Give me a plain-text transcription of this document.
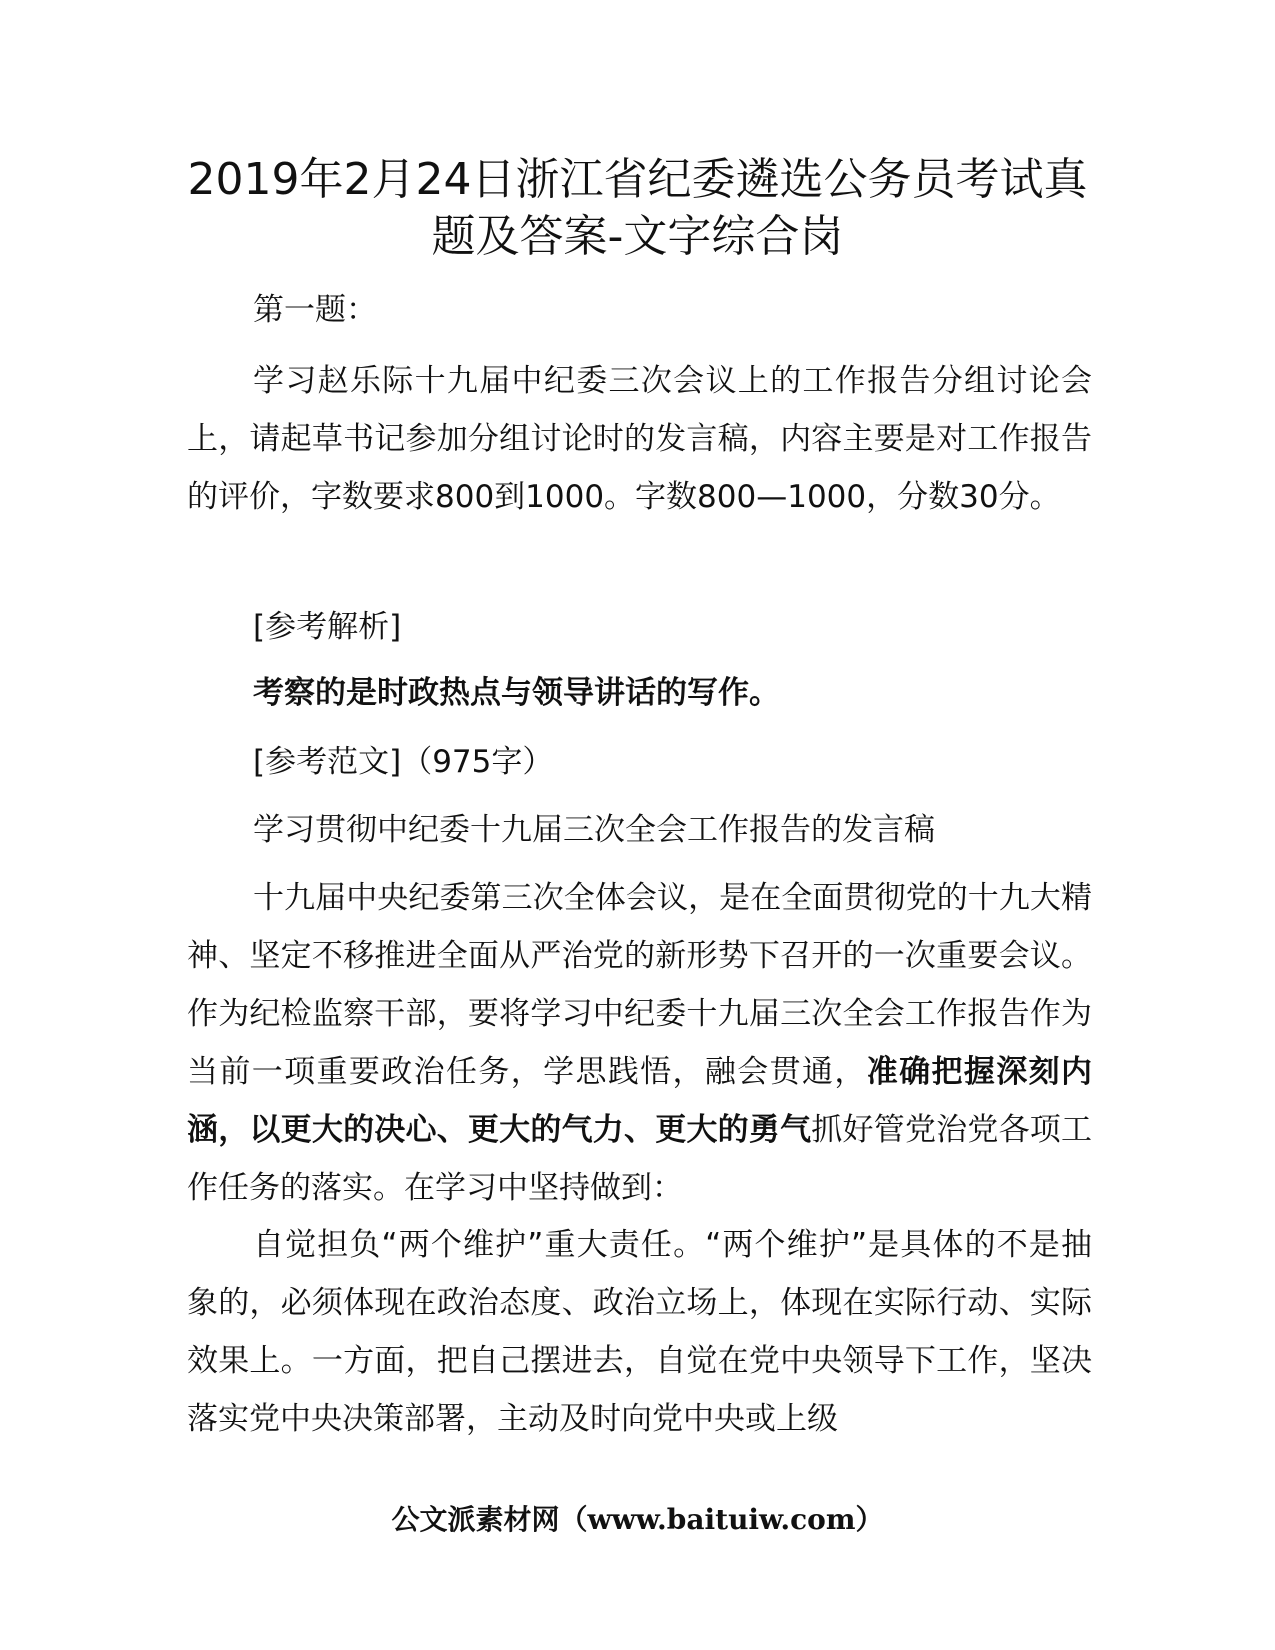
2019年2月24日浙江省纪委遴选公务员考试真
题及答案-文字综合岗

第一题：

学习赵乐际十九届中纪委三次会议上的工作报告分组讨论会上，请起草书记参加分组讨论时的发言稿，内容主要是对工作报告的评价，字数要求800到1000。字数800—1000，分数30分。

[参考解析]

考察的是时政热点与领导讲话的写作。

[参考范文]（975字）

学习贯彻中纪委十九届三次全会工作报告的发言稿

十九届中央纪委第三次全体会议，是在全面贯彻党的十九大精神、坚定不移推进全面从严治党的新形势下召开的一次重要会议。作为纪检监察干部，要将学习中纪委十九届三次全会工作报告作为当前一项重要政治任务，学思践悟，融会贯通，准确把握深刻内涵，以更大的决心、更大的气力、更大的勇气抓好管党治党各项工作任务的落实。在学习中坚持做到：

自觉担负“两个维护”重大责任。“两个维护”是具体的不是抽象的，必须体现在政治态度、政治立场上，体现在实际行动、实际效果上。一方面，把自己摆进去，自觉在党中央领导下工作，坚决落实党中央决策部署，主动及时向党中央或上级

公文派素材网（www.baituiw.com）
